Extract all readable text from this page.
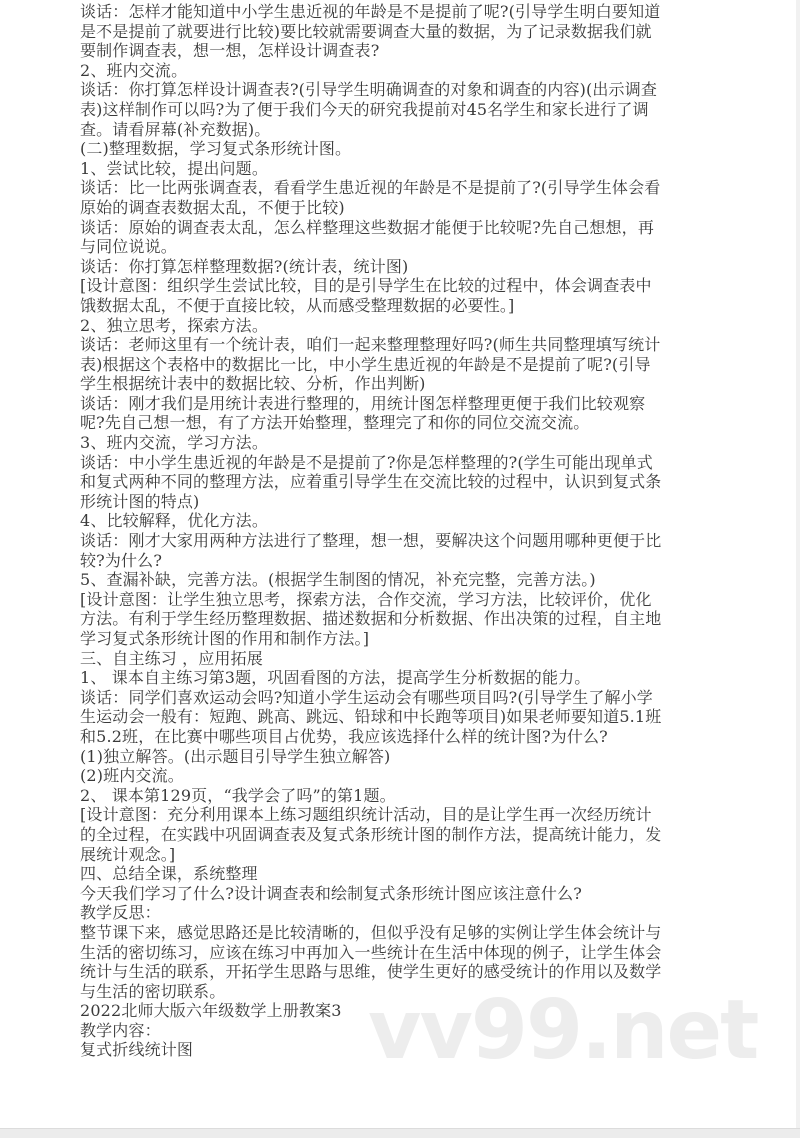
vv99.net
谈话：怎样才能知道中小学生患近视的年龄是不是提前了呢?(引导学生明白要知道
是不是提前了就要进行比较)要比较就需要调查大量的数据，为了记录数据我们就
要制作调查表，想一想，怎样设计调查表?
2、班内交流。
谈话：你打算怎样设计调查表?(引导学生明确调查的对象和调查的内容)(出示调查
表)这样制作可以吗?为了便于我们今天的研究我提前对45名学生和家长进行了调
查。请看屏幕(补充数据)。
(二)整理数据，学习复式条形统计图。
1、尝试比较，提出问题。
谈话：比一比两张调查表，看看学生患近视的年龄是不是提前了?(引导学生体会看
原始的调查表数据太乱，不便于比较)
谈话：原始的调查表太乱，怎么样整理这些数据才能便于比较呢?先自己想想，再
与同位说说。
谈话：你打算怎样整理数据?(统计表，统计图)
[设计意图：组织学生尝试比较，目的是引导学生在比较的过程中，体会调查表中
饿数据太乱，不便于直接比较，从而感受整理数据的必要性。]
2、独立思考，探索方法。
谈话：老师这里有一个统计表，咱们一起来整理整理好吗?(师生共同整理填写统计
表)根据这个表格中的数据比一比，中小学生患近视的年龄是不是提前了呢?(引导
学生根据统计表中的数据比较、分析，作出判断)
谈话：刚才我们是用统计表进行整理的，用统计图怎样整理更便于我们比较观察
呢?先自己想一想，有了方法开始整理，整理完了和你的同位交流交流。
3、班内交流，学习方法。
谈话：中小学生患近视的年龄是不是提前了?你是怎样整理的?(学生可能出现单式
和复式两种不同的整理方法，应着重引导学生在交流比较的过程中，认识到复式条
形统计图的特点)
4、比较解释，优化方法。
谈话：刚才大家用两种方法进行了整理，想一想，要解决这个问题用哪种更便于比
较?为什么?
5、查漏补缺，完善方法。(根据学生制图的情况，补充完整，完善方法。)
[设计意图：让学生独立思考，探索方法，合作交流，学习方法，比较评价，优化
方法。有利于学生经历整理数据、描述数据和分析数据、作出决策的过程，自主地
学习复式条形统计图的作用和制作方法。]
三、自主练习 ，应用拓展
1、 课本自主练习第3题，巩固看图的方法，提高学生分析数据的能力。
谈话：同学们喜欢运动会吗?知道小学生运动会有哪些项目吗?(引导学生了解小学
生运动会一般有：短跑、跳高、跳远、铅球和中长跑等项目)如果老师要知道5.1班
和5.2班，在比赛中哪些项目占优势，我应该选择什么样的统计图?为什么?
(1)独立解答。(出示题目引导学生独立解答)
(2)班内交流。
2、 课本第129页，“我学会了吗”的第1题。
[设计意图：充分利用课本上练习题组织统计活动，目的是让学生再一次经历统计
的全过程，在实践中巩固调查表及复式条形统计图的制作方法，提高统计能力，发
展统计观念。]
四、总结全课，系统整理
今天我们学习了什么?设计调查表和绘制复式条形统计图应该注意什么?
教学反思：
整节课下来，感觉思路还是比较清晰的，但似乎没有足够的实例让学生体会统计与
生活的密切练习，应该在练习中再加入一些统计在生活中体现的例子，让学生体会
统计与生活的联系，开拓学生思路与思维，使学生更好的感受统计的作用以及数学
与生活的密切联系。
2022北师大版六年级数学上册教案3
教学内容：
复式折线统计图
